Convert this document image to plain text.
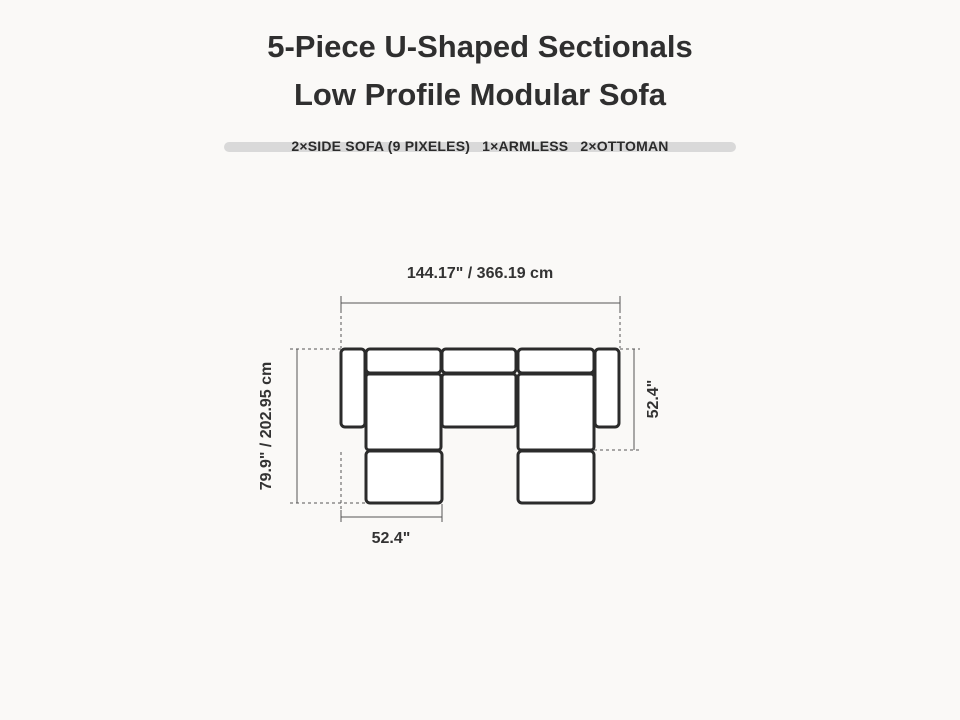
5-Piece U-Shaped Sectionals
Low Profile Modular Sofa
2×SIDE SOFA (9 PIXELES) 1×ARMLESS 2×OTTOMAN
144.17" / 366.19 cm
52.4"
79.9" / 202.95 cm	52.4"
